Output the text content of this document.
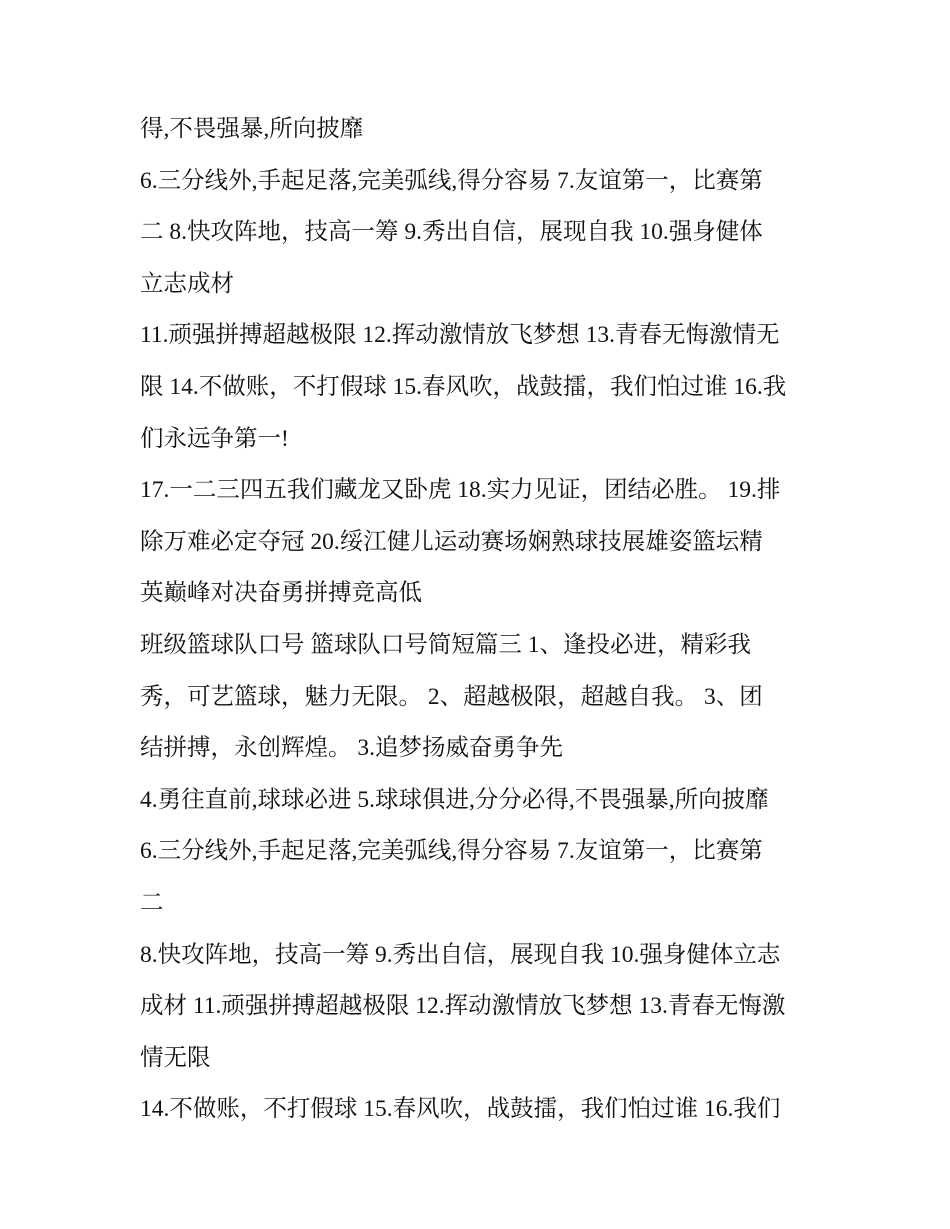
得,不畏强暴,所向披靡
6.三分线外,手起足落,完美弧线,得分容易 7.友谊第一，比赛第
二 8.快攻阵地，技高一筹 9.秀出自信，展现自我 10.强身健体
立志成材
11.顽强拼搏超越极限 12.挥动激情放飞梦想 13.青春无悔激情无
限 14.不做账，不打假球 15.春风吹，战鼓擂，我们怕过谁 16.我
们永远争第一!
17.一二三四五我们藏龙又卧虎 18.实力见证，团结必胜。 19.排
除万难必定夺冠 20.绥江健儿运动赛场娴熟球技展雄姿篮坛精
英巅峰对决奋勇拼搏竞高低
班级篮球队口号 篮球队口号简短篇三 1、逢投必进，精彩我
秀，可艺篮球，魅力无限。 2、超越极限，超越自我。 3、团
结拼搏，永创辉煌。 3.追梦扬威奋勇争先
4.勇往直前,球球必进 5.球球俱进,分分必得,不畏强暴,所向披靡
6.三分线外,手起足落,完美弧线,得分容易 7.友谊第一，比赛第
二
8.快攻阵地，技高一筹 9.秀出自信，展现自我 10.强身健体立志
成材 11.顽强拼搏超越极限 12.挥动激情放飞梦想 13.青春无悔激
情无限
14.不做账，不打假球 15.春风吹，战鼓擂，我们怕过谁 16.我们
